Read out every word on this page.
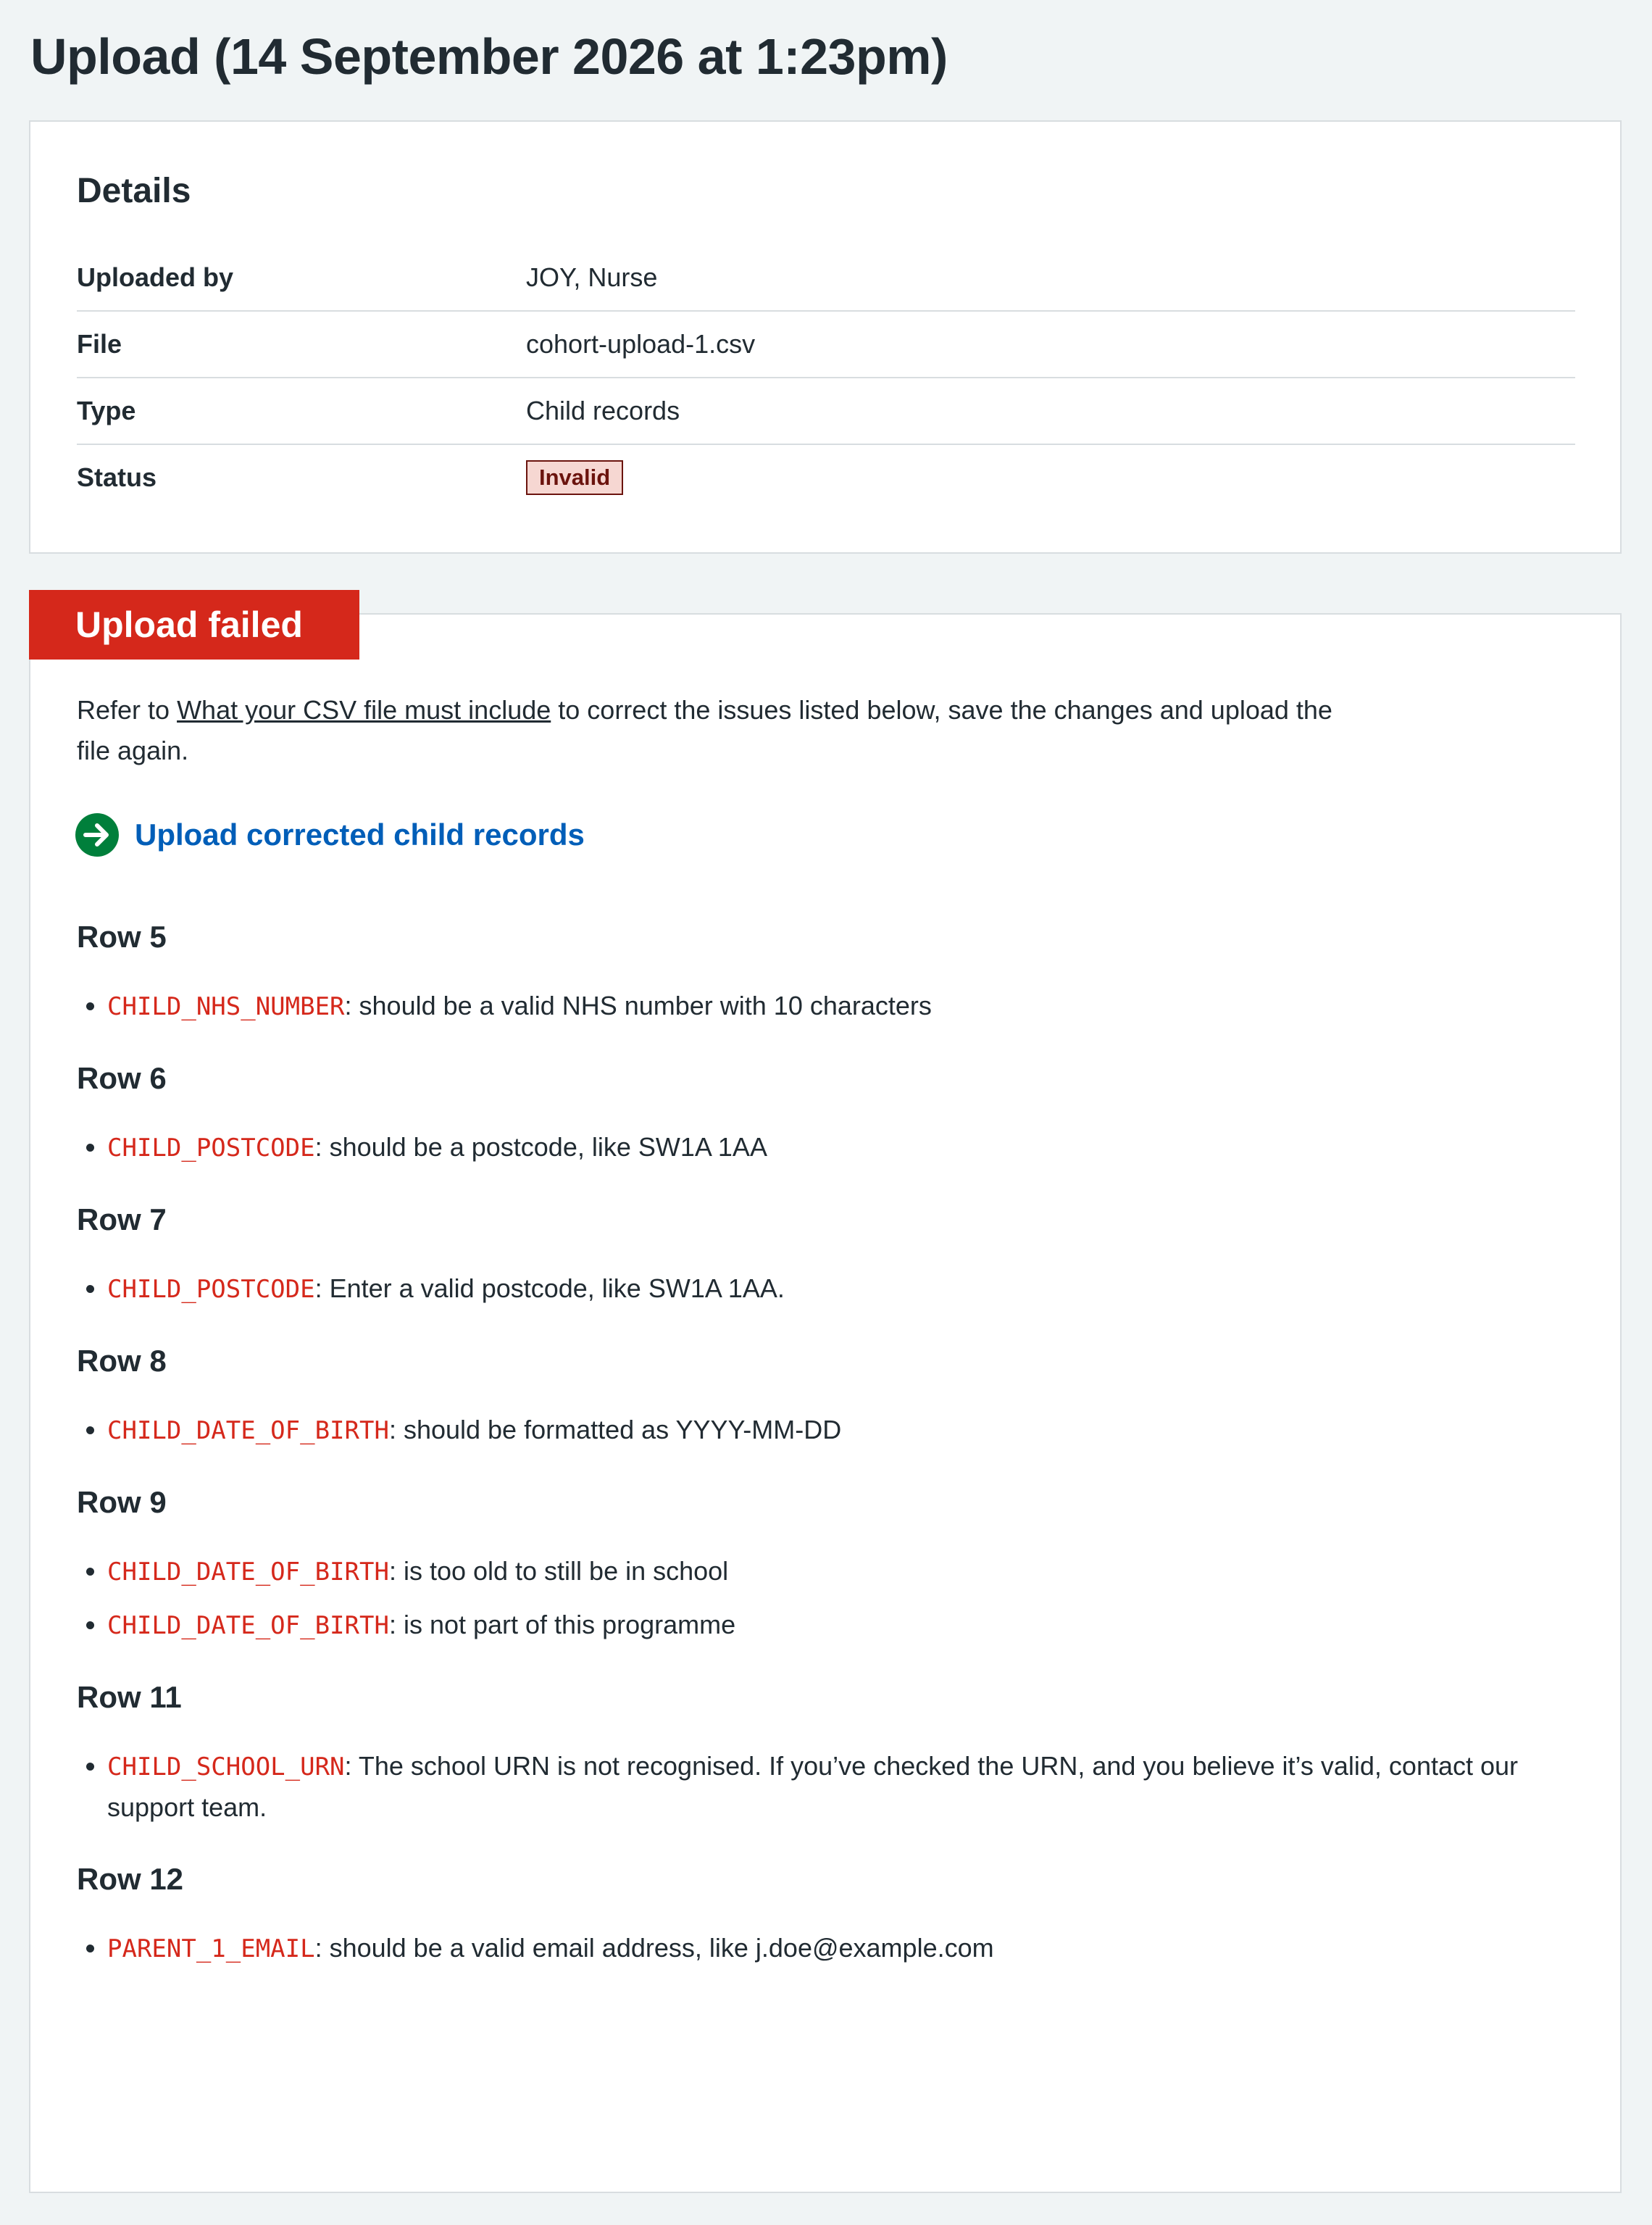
Upload (14 September 2026 at 1:23pm)
Details
Uploaded by	JOY, Nurse
File	cohort-upload-1.csv
Type	Child records
Status	Invalid
Upload failed

Refer to What your CSV file must include to correct the issues listed below, save the changes and upload the file again.

Upload corrected child records
Row 5
• CHILD_NHS_NUMBER: should be a valid NHS number with 10 characters
Row 6
• CHILD_POSTCODE: should be a postcode, like SW1A 1AA
Row 7
• CHILD_POSTCODE: Enter a valid postcode, like SW1A 1AA.
Row 8
• CHILD_DATE_OF_BIRTH: should be formatted as YYYY-MM-DD
Row 9
• CHILD_DATE_OF_BIRTH: is too old to still be in school
• CHILD_DATE_OF_BIRTH: is not part of this programme
Row 11
• CHILD_SCHOOL_URN: The school URN is not recognised. If you’ve checked the URN, and you believe it’s valid, contact our support team.
Row 12
• PARENT_1_EMAIL: should be a valid email address, like j.doe@example.com
